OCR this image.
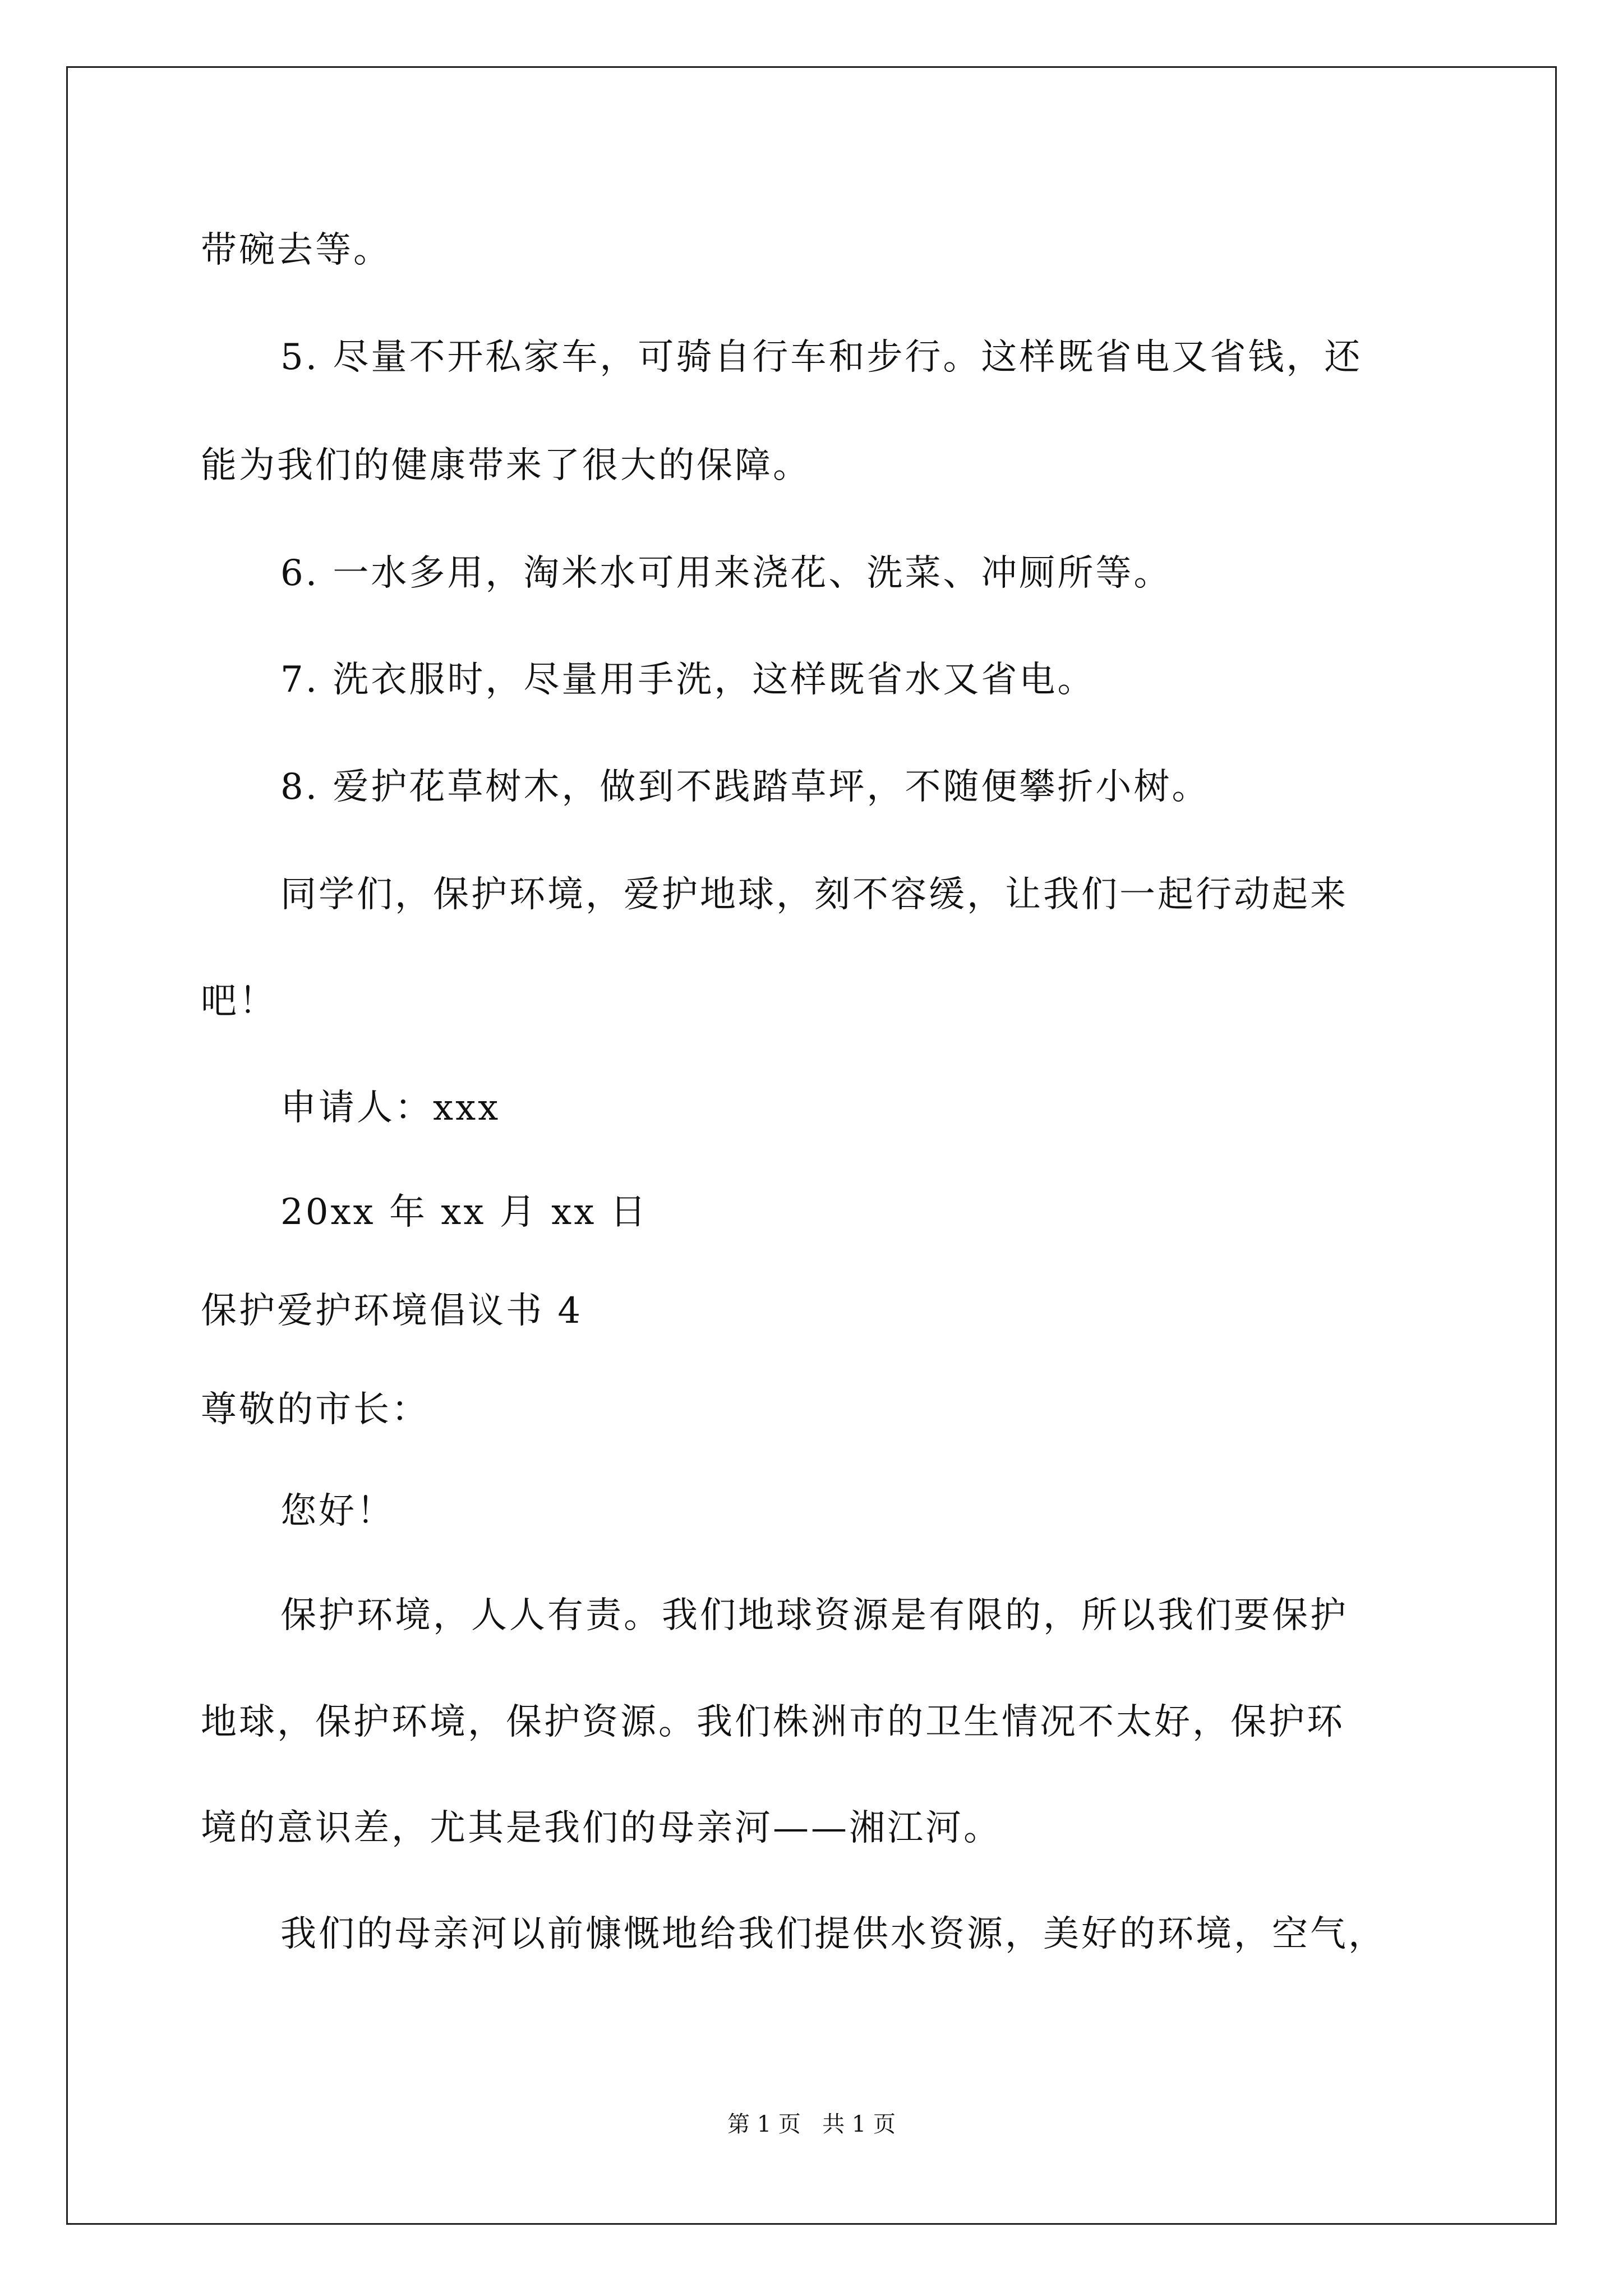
带碗去等。
5. 尽量不开私家车，可骑自行车和步行。这样既省电又省钱，还
能为我们的健康带来了很大的保障。
6. 一水多用，淘米水可用来浇花、洗菜、冲厕所等。
7. 洗衣服时，尽量用手洗，这样既省水又省电。
8. 爱护花草树木，做到不践踏草坪，不随便攀折小树。
同学们，保护环境，爱护地球，刻不容缓，让我们一起行动起来
吧！
申请人：xxx
20xx 年 xx 月 xx 日
保护爱护环境倡议书 4
尊敬的市长：
您好！
保护环境，人人有责。我们地球资源是有限的，所以我们要保护
地球，保护环境，保护资源。我们株洲市的卫生情况不太好，保护环
境的意识差，尤其是我们的母亲河——湘江河。
我们的母亲河以前慷慨地给我们提供水资源，美好的环境，空气，
第 1 页   共 1 页
